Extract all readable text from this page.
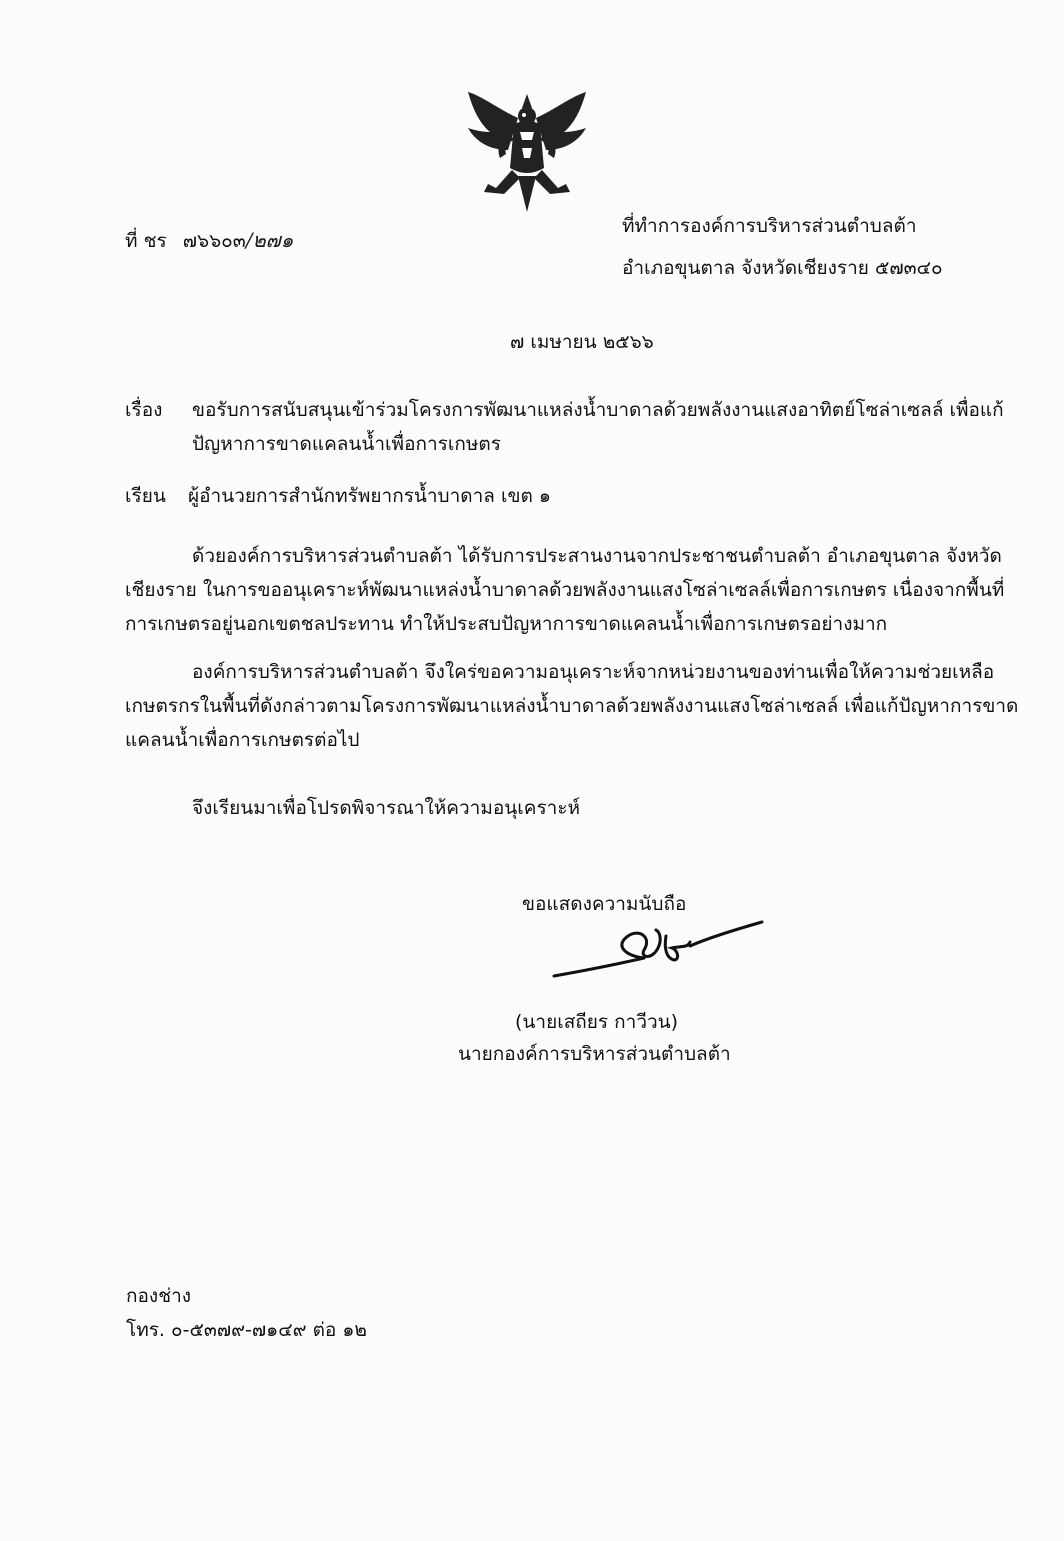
ที่ ชร ๗๖๖๐๓/๒๗๑
ที่ทำการองค์การบริหารส่วนตำบลต้า
อำเภอขุนตาล จังหวัดเชียงราย ๕๗๓๔๐
๗ เมษายน ๒๕๖๖
เรื่อง ขอรับการสนับสนุนเข้าร่วมโครงการพัฒนาแหล่งน้ำบาดาลด้วยพลังงานแสงอาทิตย์โซล่าเซลล์ เพื่อแก้
ปัญหาการขาดแคลนน้ำเพื่อการเกษตร
เรียน ผู้อำนวยการสำนักทรัพยากรน้ำบาดาล เขต ๑
ด้วยองค์การบริหารส่วนตำบลต้า ได้รับการประสานงานจากประชาชนตำบลต้า อำเภอขุนตาล จังหวัด
เชียงราย ในการขออนุเคราะห์พัฒนาแหล่งน้ำบาดาลด้วยพลังงานแสงโซล่าเซลล์เพื่อการเกษตร เนื่องจากพื้นที่
การเกษตรอยู่นอกเขตชลประทาน ทำให้ประสบปัญหาการขาดแคลนน้ำเพื่อการเกษตรอย่างมาก
องค์การบริหารส่วนตำบลต้า จึงใคร่ขอความอนุเคราะห์จากหน่วยงานของท่านเพื่อให้ความช่วยเหลือ
เกษตรกรในพื้นที่ดังกล่าวตามโครงการพัฒนาแหล่งน้ำบาดาลด้วยพลังงานแสงโซล่าเซลล์ เพื่อแก้ปัญหาการขาด
แคลนน้ำเพื่อการเกษตรต่อไป
จึงเรียนมาเพื่อโปรดพิจารณาให้ความอนุเคราะห์
ขอแสดงความนับถือ
(นายเสถียร กาวีวน)
นายกองค์การบริหารส่วนตำบลต้า
กองช่าง
โทร. ๐-๕๓๗๙-๗๑๔๙ ต่อ ๑๒
